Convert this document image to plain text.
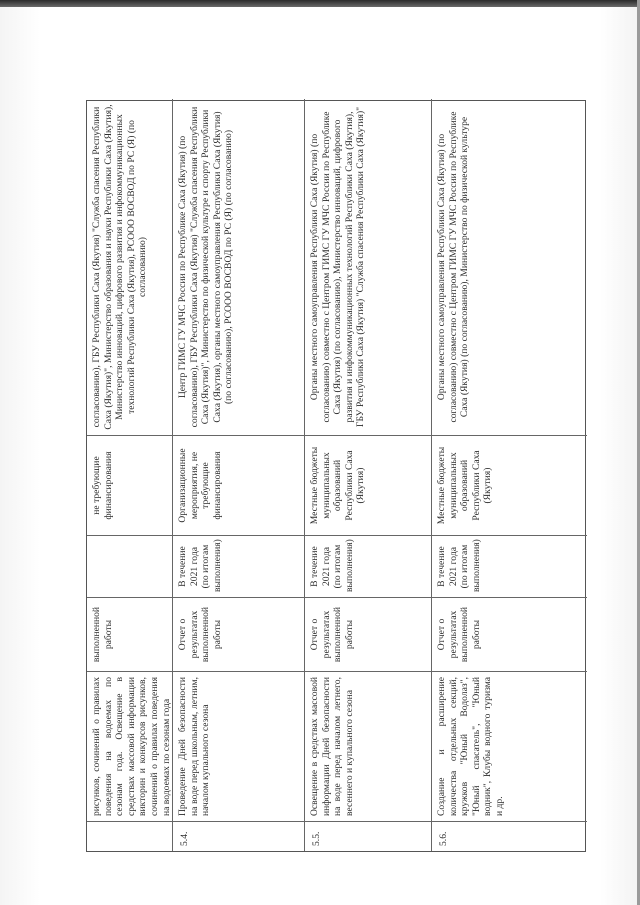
рисунков, сочинений о правилах поведения на водоемах по сезонам года. Освещение в средствах массовой информации викторин и конкурсов рисунков, сочинений о правилах поведения на водоемах по сезонам года
выполненной работы
не требующие финансирования
согласованию), ГБУ Республики Саха (Якутия) "Служба спасения Республики Саха (Якутия)", Министерство образования и науки Республики Саха (Якутия), Министерство инноваций, цифрового развития и инфокоммуникационных технологий Республики Саха (Якутия), РСООО ВОСВОД по РС (Я) (по согласованию)
5.4.
Проведение Дней безопасности на воде перед школьным, летним, началом купального сезона
Отчет о результатах выполненной работы
В течение 2021 года (по итогам выполнения)
Организационные мероприятия, не требующие финансирования
Центр ГИМС ГУ МЧС России по Республике Саха (Якутия) (по согласованию), ГБУ Республики Саха (Якутия) "Служба спасения Республики Саха (Якутия)", Министерство по физической культуре и спорту Республики Саха (Якутия), органы местного самоуправления Республики Саха (Якутия) (по согласованию), РСООО ВОСВОД по РС (Я) (по согласованию)
5.5.
Освещение в средствах массовой информации Дней безопасности на воде перед началом летнего, весеннего и купального сезона
Отчет о результатах выполненной работы
В течение 2021 года (по итогам выполнения)
Местные бюджеты муниципальных образований Республики Саха (Якутия)
Органы местного самоуправления Республики Саха (Якутия) (по согласованию) совместно с Центром ГИМС ГУ МЧС России по Республике Саха (Якутия) (по согласованию), Министерство инноваций, цифрового развития и инфокоммуникационных технологий Республики Саха (Якутия), ГБУ Республики Саха (Якутия) "Служба спасения Республики Саха (Якутия)"
5.6.
Создание и расширение количества отдельных секций, кружков "Юный Водолаз", "Юный спасатель", "Юный водник", Клубы водного туризма и др.
Отчет о результатах выполненной работы
В течение 2021 года (по итогам выполнения)
Местные бюджеты муниципальных образований Республики Саха (Якутия)
Органы местного самоуправления Республики Саха (Якутия) (по согласованию) совместно с Центром ГИМС ГУ МЧС России по Республике Саха (Якутия) (по согласованию), Министерство по физической культуре
